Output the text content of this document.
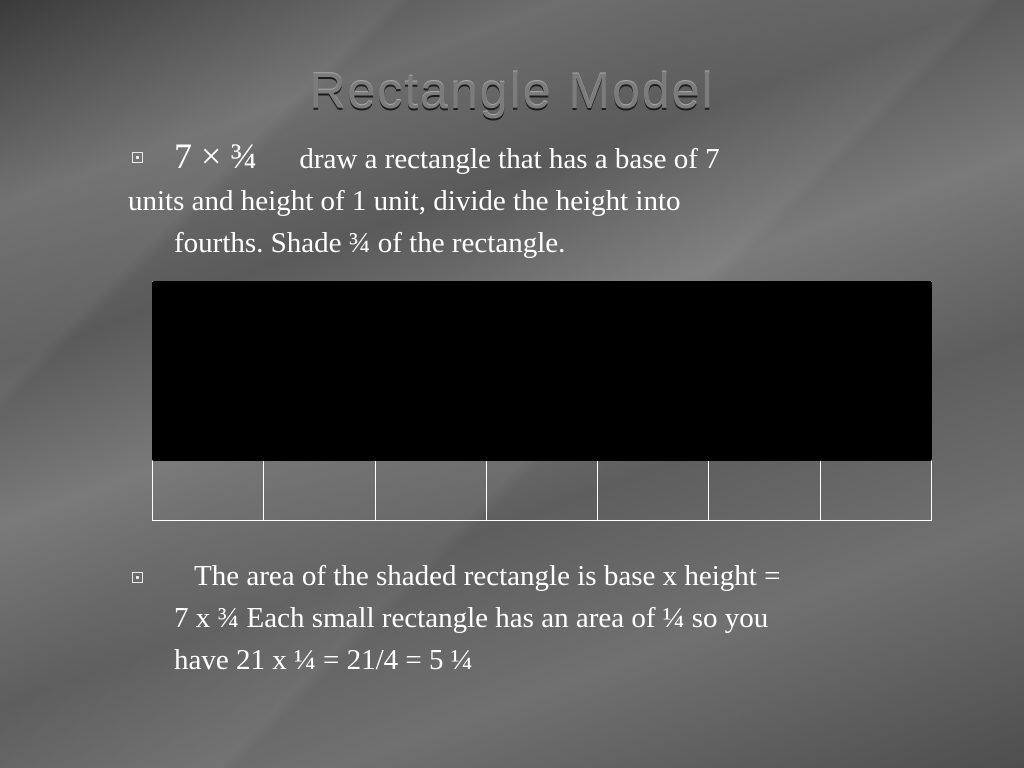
Rectangle Model
7 × ¾ draw a rectangle that has a base of 7
units and height of 1 unit, divide the height into
fourths. Shade ¾ of the rectangle.
The area of the shaded rectangle is base x height =
7 x ¾ Each small rectangle has an area of ¼ so you
have 21 x ¼ = 21/4 = 5 ¼
